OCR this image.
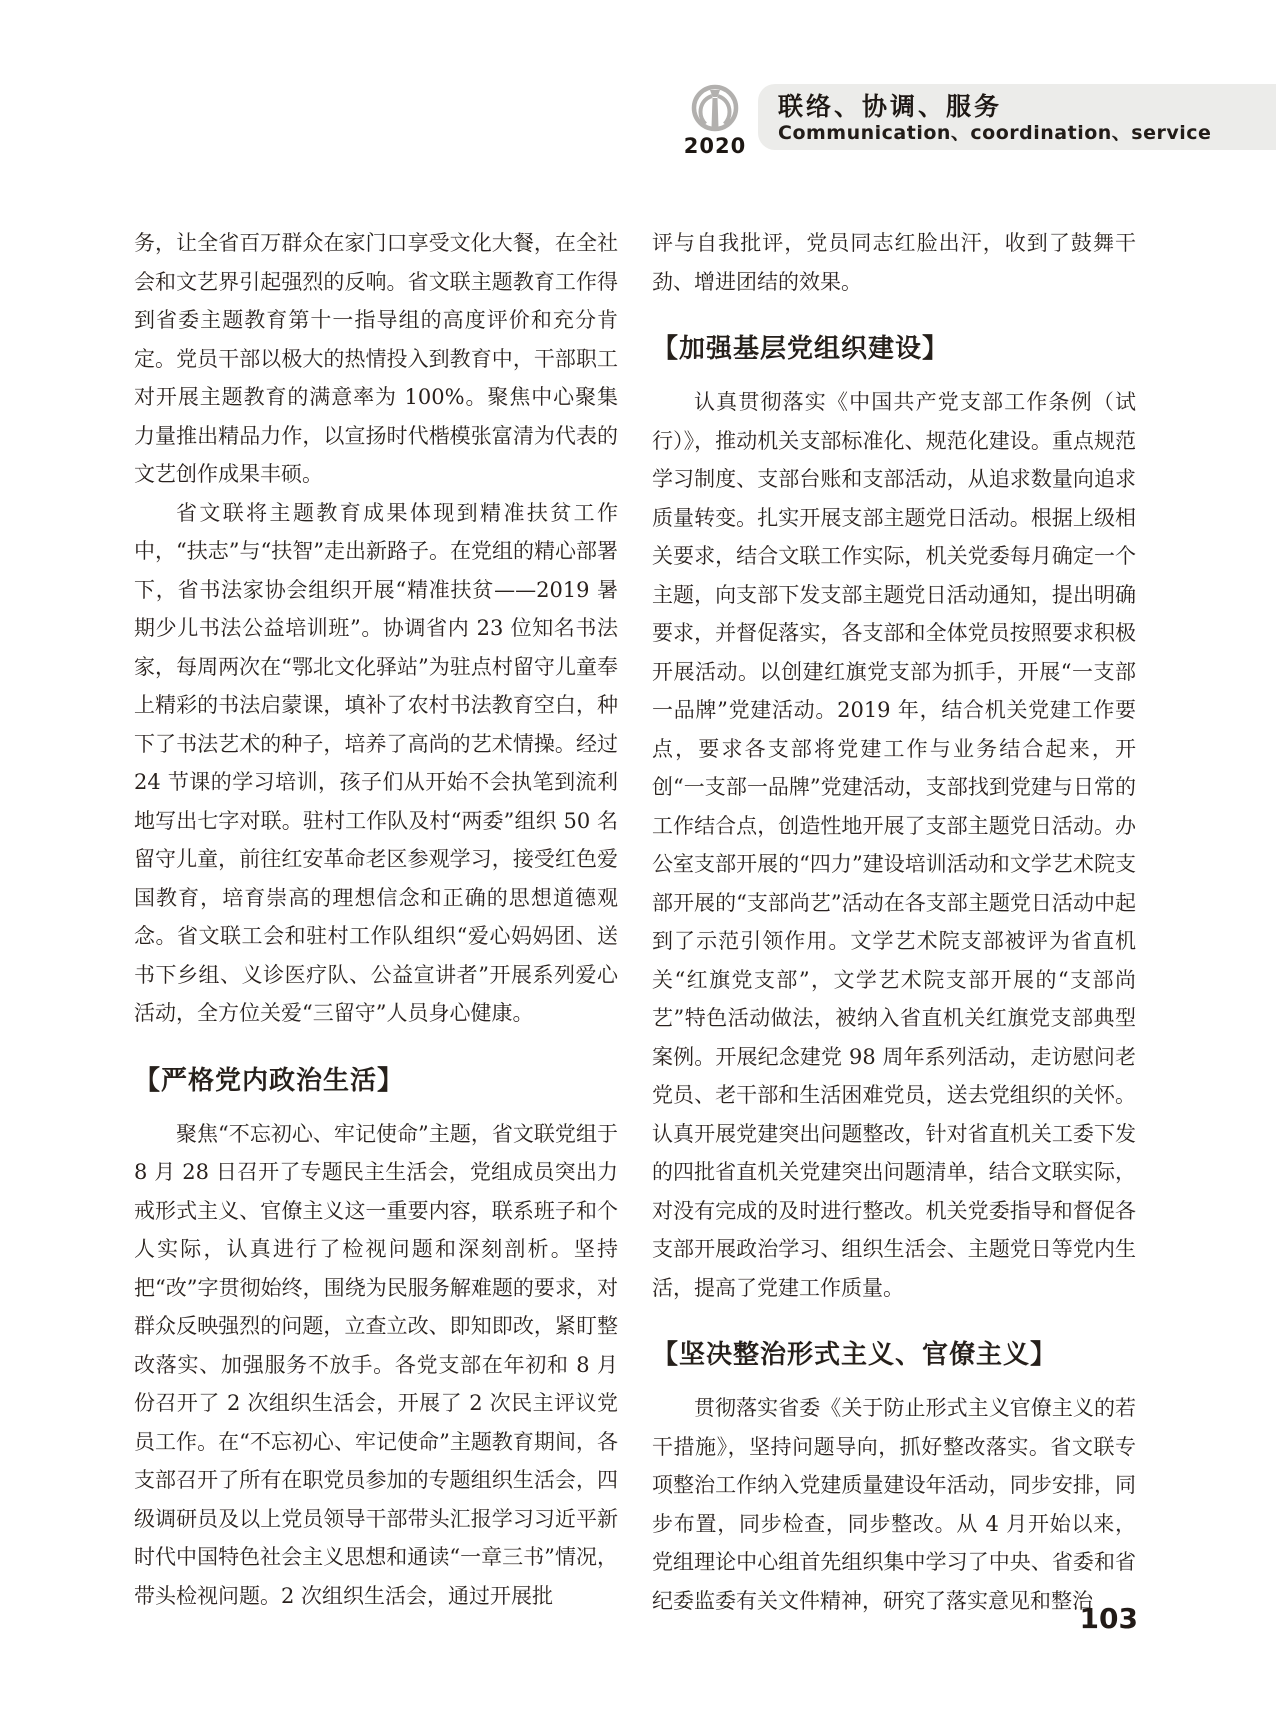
2020
联络、协调、服务
Communication、coordination、service

务，让全省百万群众在家门口享受文化大餐，在全社会和文艺界引起强烈的反响。省文联主题教育工作得到省委主题教育第十一指导组的高度评价和充分肯定。党员干部以极大的热情投入到教育中，干部职工对开展主题教育的满意率为 100%。聚焦中心聚集力量推出精品力作，以宣扬时代楷模张富清为代表的文艺创作成果丰硕。

省文联将主题教育成果体现到精准扶贫工作中，“扶志”与“扶智”走出新路子。在党组的精心部署下，省书法家协会组织开展“精准扶贫——2019 暑期少儿书法公益培训班”。协调省内 23 位知名书法家，每周两次在“鄂北文化驿站”为驻点村留守儿童奉上精彩的书法启蒙课，填补了农村书法教育空白，种下了书法艺术的种子，培养了高尚的艺术情操。经过 24 节课的学习培训，孩子们从开始不会执笔到流利地写出七字对联。驻村工作队及村“两委”组织 50 名留守儿童，前往红安革命老区参观学习，接受红色爱国教育，培育崇高的理想信念和正确的思想道德观念。省文联工会和驻村工作队组织“爱心妈妈团、送书下乡组、义诊医疗队、公益宣讲者”开展系列爱心活动，全方位关爱“三留守”人员身心健康。

【严格党内政治生活】

聚焦“不忘初心、牢记使命”主题，省文联党组于 8 月 28 日召开了专题民主生活会，党组成员突出力戒形式主义、官僚主义这一重要内容，联系班子和个人实际，认真进行了检视问题和深刻剖析。坚持把“改”字贯彻始终，围绕为民服务解难题的要求，对群众反映强烈的问题，立查立改、即知即改，紧盯整改落实、加强服务不放手。各党支部在年初和 8 月份召开了 2 次组织生活会，开展了 2 次民主评议党员工作。在“不忘初心、牢记使命”主题教育期间，各支部召开了所有在职党员参加的专题组织生活会，四级调研员及以上党员领导干部带头汇报学习习近平新时代中国特色社会主义思想和通读“一章三书”情况，带头检视问题。2 次组织生活会，通过开展批

评与自我批评，党员同志红脸出汗，收到了鼓舞干劲、增进团结的效果。

【加强基层党组织建设】

认真贯彻落实《中国共产党支部工作条例（试行）》，推动机关支部标准化、规范化建设。重点规范学习制度、支部台账和支部活动，从追求数量向追求质量转变。扎实开展支部主题党日活动。根据上级相关要求，结合文联工作实际，机关党委每月确定一个主题，向支部下发支部主题党日活动通知，提出明确要求，并督促落实，各支部和全体党员按照要求积极开展活动。以创建红旗党支部为抓手，开展“一支部一品牌”党建活动。2019 年，结合机关党建工作要点，要求各支部将党建工作与业务结合起来，开创“一支部一品牌”党建活动，支部找到党建与日常的工作结合点，创造性地开展了支部主题党日活动。办公室支部开展的“四力”建设培训活动和文学艺术院支部开展的“支部尚艺”活动在各支部主题党日活动中起到了示范引领作用。文学艺术院支部被评为省直机关“红旗党支部”，文学艺术院支部开展的“支部尚艺”特色活动做法，被纳入省直机关红旗党支部典型案例。开展纪念建党 98 周年系列活动，走访慰问老党员、老干部和生活困难党员，送去党组织的关怀。认真开展党建突出问题整改，针对省直机关工委下发的四批省直机关党建突出问题清单，结合文联实际，对没有完成的及时进行整改。机关党委指导和督促各支部开展政治学习、组织生活会、主题党日等党内生活，提高了党建工作质量。

【坚决整治形式主义、官僚主义】

贯彻落实省委《关于防止形式主义官僚主义的若干措施》，坚持问题导向，抓好整改落实。省文联专项整治工作纳入党建质量建设年活动，同步安排，同步布置，同步检查，同步整改。从 4 月开始以来，党组理论中心组首先组织集中学习了中央、省委和省纪委监委有关文件精神，研究了落实意见和整治

103
